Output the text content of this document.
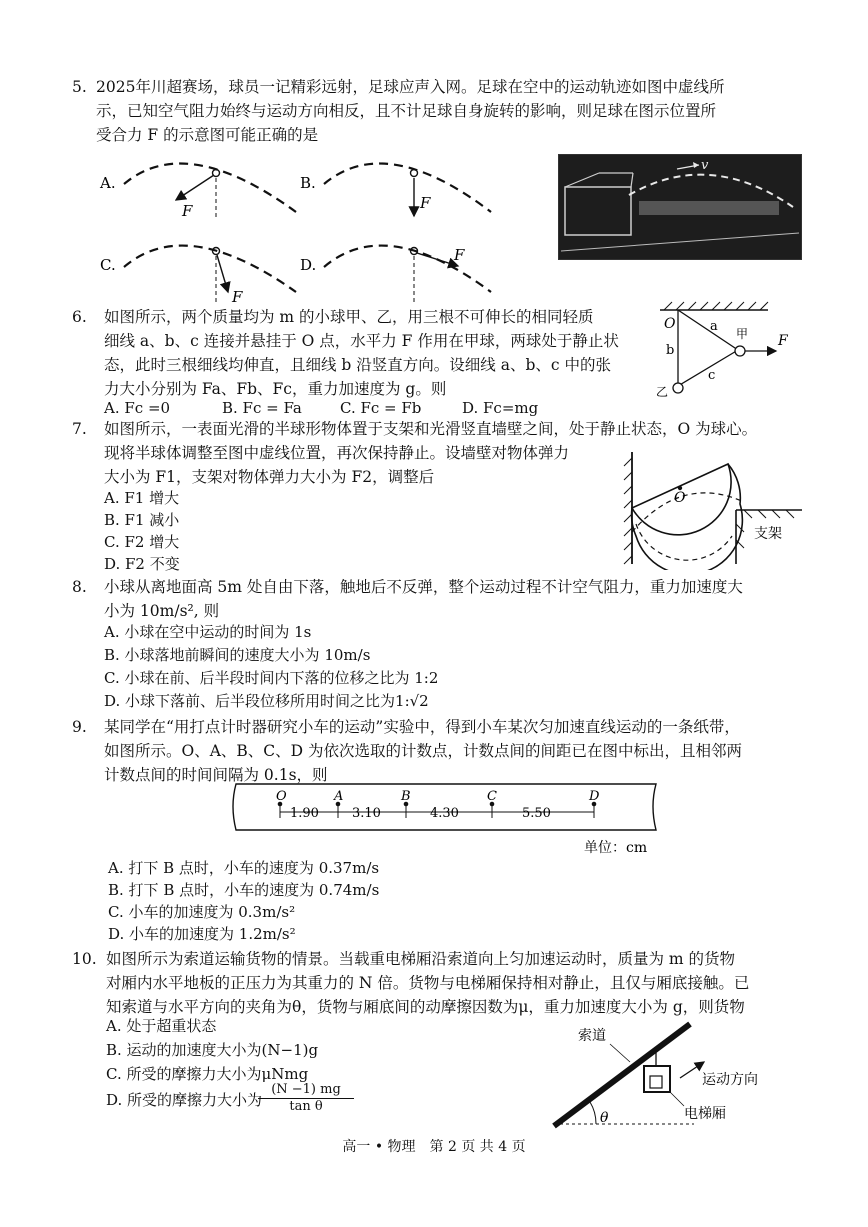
5. 2025年川超赛场，球员一记精彩远射，足球应声入网。足球在空中的运动轨迹如图中虚线所
示，已知空气阻力始终与运动方向相反，且不计足球自身旋转的影响，则足球在图示位置所
受合力 F 的示意图可能正确的是
A.
F
B.
F
C.
F
D.
F
v
6. 如图所示，两个质量均为 m 的小球甲、乙，用三根不可伸长的相同轻质
细线 a、b、c 连接并悬挂于 O 点，水平力 F 作用在甲球，两球处于静止状
态，此时三根细线均伸直，且细线 b 沿竖直方向。设细线 a、b、c 中的张
力大小分别为 Fa、Fb、Fc，重力加速度为 g。则
A. Fc =0	B. Fc = Fa	C. Fc = Fb	D. Fc=mg
O	a
b
c
甲
乙
F
7. 如图所示，一表面光滑的半球形物体置于支架和光滑竖直墙壁之间，处于静止状态，O 为球心。
现将半球体调整至图中虚线位置，再次保持静止。设墙壁对物体弹力
大小为 F1，支架对物体弹力大小为 F2，调整后
A. F1 增大
B. F1 减小
C. F2 增大
D. F2 不变
O
支架
8. 小球从离地面高 5m 处自由下落，触地后不反弹，整个运动过程不计空气阻力，重力加速度大
小为 10m/s², 则
A. 小球在空中运动的时间为 1s
B. 小球落地前瞬间的速度大小为 10m/s
C. 小球在前、后半段时间内下落的位移之比为 1:2
D. 小球下落前、后半段位移所用时间之比为1:√2
9. 某同学在“用打点计时器研究小车的运动”实验中，得到小车某次匀加速直线运动的一条纸带，
如图所示。O、A、B、C、D 为依次选取的计数点，计数点间的间距已在图中标出，且相邻两
计数点间的时间间隔为 0.1s，则
O	A	B	C	D
1.90	3.10	4.30	5.50
单位：cm
A. 打下 B 点时，小车的速度为 0.37m/s
B. 打下 B 点时，小车的速度为 0.74m/s
C. 小车的加速度为 0.3m/s²
D. 小车的加速度为 1.2m/s²
10. 如图所示为索道运输货物的情景。当载重电梯厢沿索道向上匀加速运动时，质量为 m 的货物
对厢内水平地板的正压力为其重力的 N 倍。货物与电梯厢保持相对静止，且仅与厢底接触。已
知索道与水平方向的夹角为θ，货物与厢底间的动摩擦因数为μ，重力加速度大小为 g，则货物
A. 处于超重状态
B. 运动的加速度大小为(N−1)g
C. 所受的摩擦力大小为μNmg
D. 所受的摩擦力大小为
$\frac{(N -1) mg}{\text{tan θ}}$
θ
索道
运动方向
电梯厢
高一 • 物理　第 2 页 共 4 页
